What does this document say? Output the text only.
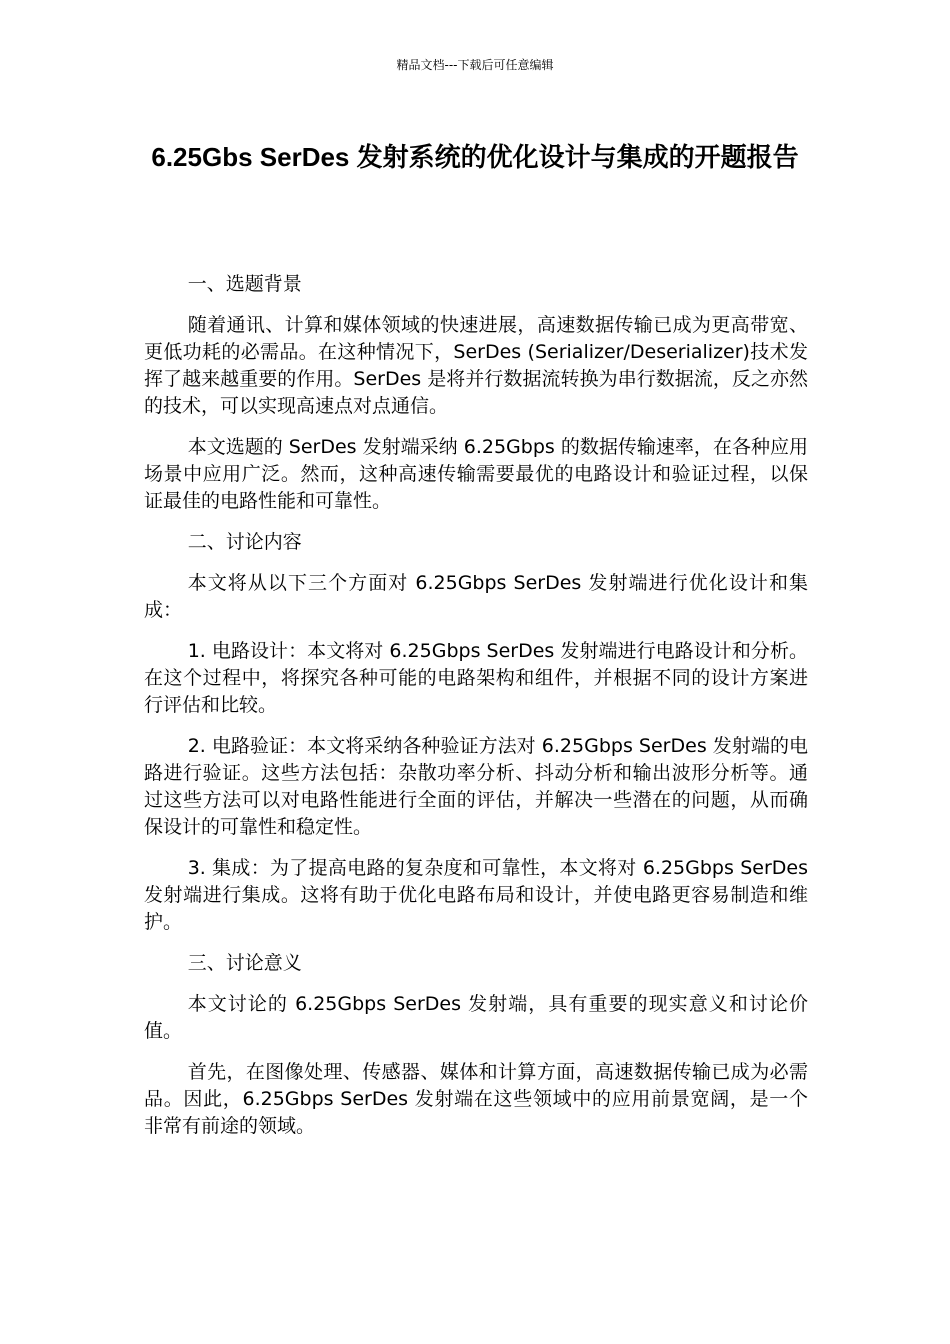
精品文档---下载后可任意编辑
6.25Gbs SerDes 发射系统的优化设计与集成的开题报告

一、选题背景

随着通讯、计算和媒体领域的快速进展，高速数据传输已成为更高带宽、更低功耗的必需品。在这种情况下，SerDes (Serializer/Deserializer)技术发挥了越来越重要的作用。SerDes 是将并行数据流转换为串行数据流，反之亦然的技术，可以实现高速点对点通信。

本文选题的 SerDes 发射端采纳 6.25Gbps 的数据传输速率，在各种应用场景中应用广泛。然而，这种高速传输需要最优的电路设计和验证过程，以保证最佳的电路性能和可靠性。

二、讨论内容

本文将从以下三个方面对 6.25Gbps SerDes 发射端进行优化设计和集成：

1. 电路设计：本文将对 6.25Gbps SerDes 发射端进行电路设计和分析。在这个过程中，将探究各种可能的电路架构和组件，并根据不同的设计方案进行评估和比较。

2. 电路验证：本文将采纳各种验证方法对 6.25Gbps SerDes 发射端的电路进行验证。这些方法包括：杂散功率分析、抖动分析和输出波形分析等。通过这些方法可以对电路性能进行全面的评估，并解决一些潜在的问题，从而确保设计的可靠性和稳定性。

3. 集成：为了提高电路的复杂度和可靠性，本文将对 6.25Gbps SerDes 发射端进行集成。这将有助于优化电路布局和设计，并使电路更容易制造和维护。

三、讨论意义

本文讨论的 6.25Gbps SerDes 发射端，具有重要的现实意义和讨论价值。

首先，在图像处理、传感器、媒体和计算方面，高速数据传输已成为必需品。因此，6.25Gbps SerDes 发射端在这些领域中的应用前景宽阔，是一个非常有前途的领域。
